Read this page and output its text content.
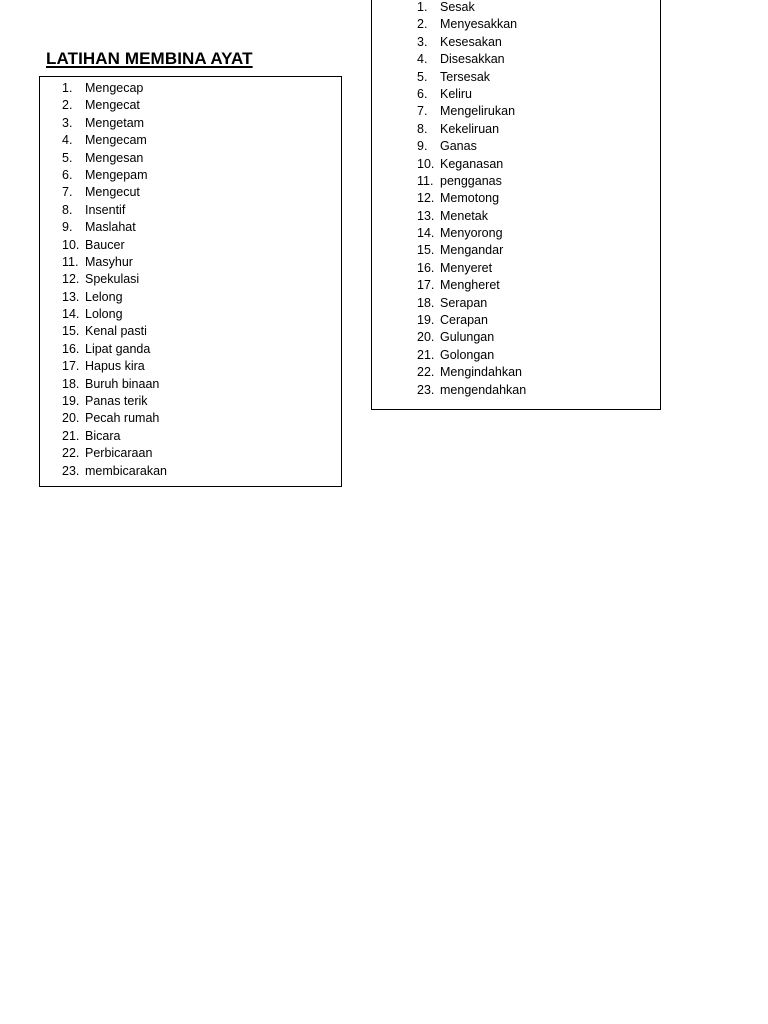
LATIHAN MEMBINA AYAT
1.	Mengecap
2.	Mengecat
3.	Mengetam
4.	Mengecam
5.	Mengesan
6.	Mengepam
7.	Mengecut
8.	Insentif
9.	Maslahat
10. Baucer
11. Masyhur
12. Spekulasi
13. Lelong
14. Lolong
15. Kenal pasti
16. Lipat ganda
17. Hapus kira
18. Buruh binaan
19. Panas terik
20. Pecah rumah
21. Bicara
22. Perbicaraan
23. membicarakan
1.	Sesak
2.	Menyesakkan
3.	Kesesakan
4.	Disesakkan
5.	Tersesak
6.	Keliru
7.	Mengelirukan
8.	Kekeliruan
9.	Ganas
10. Keganasan
11. pengganas
12. Memotong
13. Menetak
14. Menyorong
15. Mengandar
16. Menyeret
17. Mengheret
18. Serapan
19. Cerapan
20. Gulungan
21. Golongan
22. Mengindahkan
23. mengendahkan
